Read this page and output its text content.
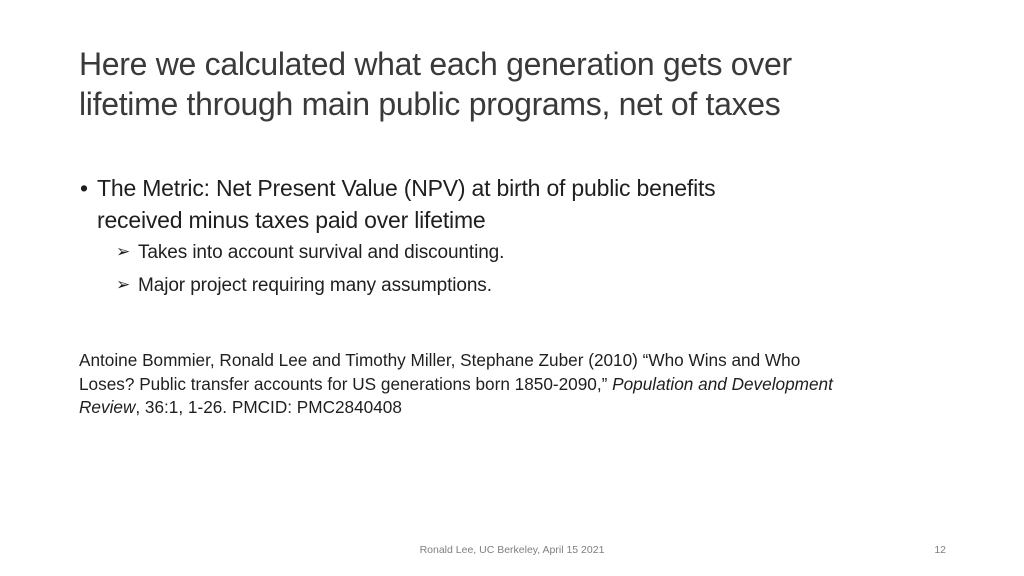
Here we calculated what each generation gets over
lifetime through main public programs, net of taxes
• The Metric: Net Present Value (NPV) at birth of public benefits
received minus taxes paid over lifetime
➢ Takes into account survival and discounting.
➢ Major project requiring many assumptions.
Antoine Bommier, Ronald Lee and Timothy Miller, Stephane Zuber (2010) “Who Wins and Who
Loses? Public transfer accounts for US generations born 1850-2090,” Population and Development
Review, 36:1, 1-26. PMCID: PMC2840408
Ronald Lee, UC Berkeley, April 15 2021	12
